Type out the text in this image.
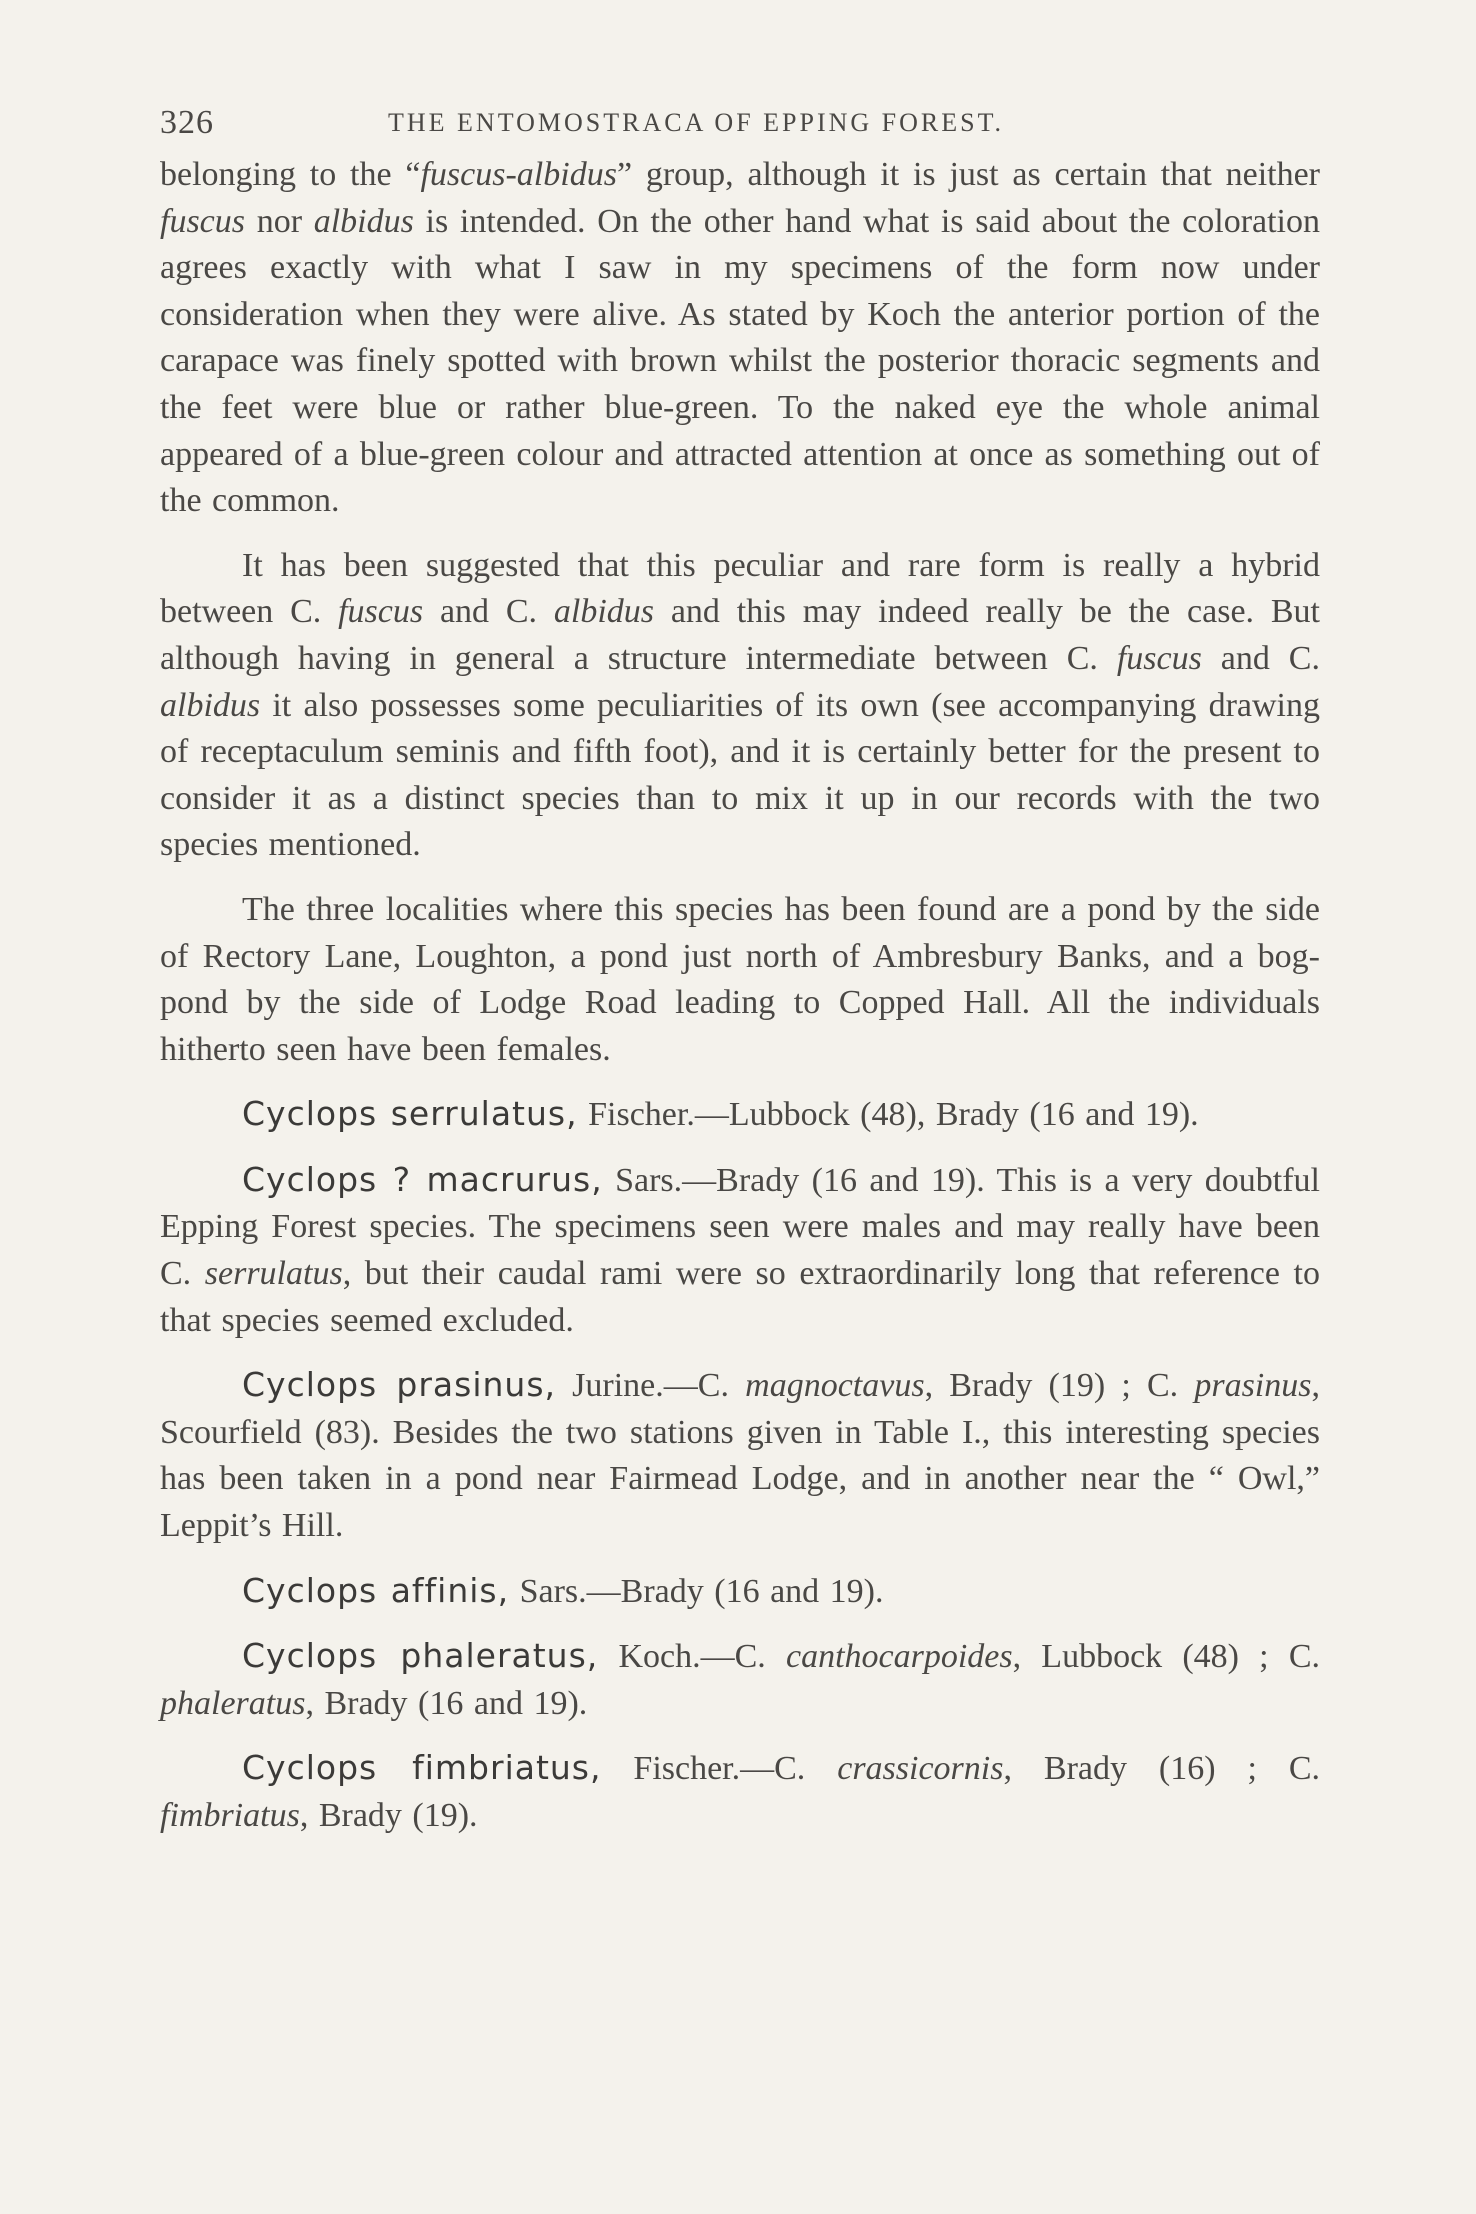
326	THE ENTOMOSTRACA OF EPPING FOREST.

belonging to the “fuscus-albidus” group, although it is just as certain that neither fuscus nor albidus is intended. On the other hand what is said about the coloration agrees exactly with what I saw in my specimens of the form now under consideration when they were alive. As stated by Koch the anterior portion of the carapace was finely spotted with brown whilst the posterior thoracic segments and the feet were blue or rather blue-green. To the naked eye the whole animal appeared of a blue-green colour and attracted attention at once as something out of the common.

It has been suggested that this peculiar and rare form is really a hybrid between C. fuscus and C. albidus and this may indeed really be the case. But although having in general a structure intermediate between C. fuscus and C. albidus it also possesses some peculiarities of its own (see accompanying drawing of receptaculum seminis and fifth foot), and it is certainly better for the present to consider it as a distinct species than to mix it up in our records with the two species mentioned.

The three localities where this species has been found are a pond by the side of Rectory Lane, Loughton, a pond just north of Ambresbury Banks, and a bog-pond by the side of Lodge Road leading to Copped Hall. All the individuals hitherto seen have been females.

Cyclops serrulatus, Fischer.—Lubbock (48), Brady (16 and 19).

Cyclops ? macrurus, Sars.—Brady (16 and 19). This is a very doubtful Epping Forest species. The specimens seen were males and may really have been C. serrulatus, but their caudal rami were so extraordinarily long that reference to that species seemed excluded.

Cyclops prasinus, Jurine.—C. magnoctavus, Brady (19) ; C. prasinus, Scourfield (83). Besides the two stations given in Table I., this interesting species has been taken in a pond near Fairmead Lodge, and in another near the “ Owl,” Leppit’s Hill.

Cyclops affinis, Sars.—Brady (16 and 19).

Cyclops phaleratus, Koch.—C. canthocarpoides, Lubbock (48) ; C. phaleratus, Brady (16 and 19).

Cyclops fimbriatus, Fischer.—C. crassicornis, Brady (16) ; C. fimbriatus, Brady (19).
